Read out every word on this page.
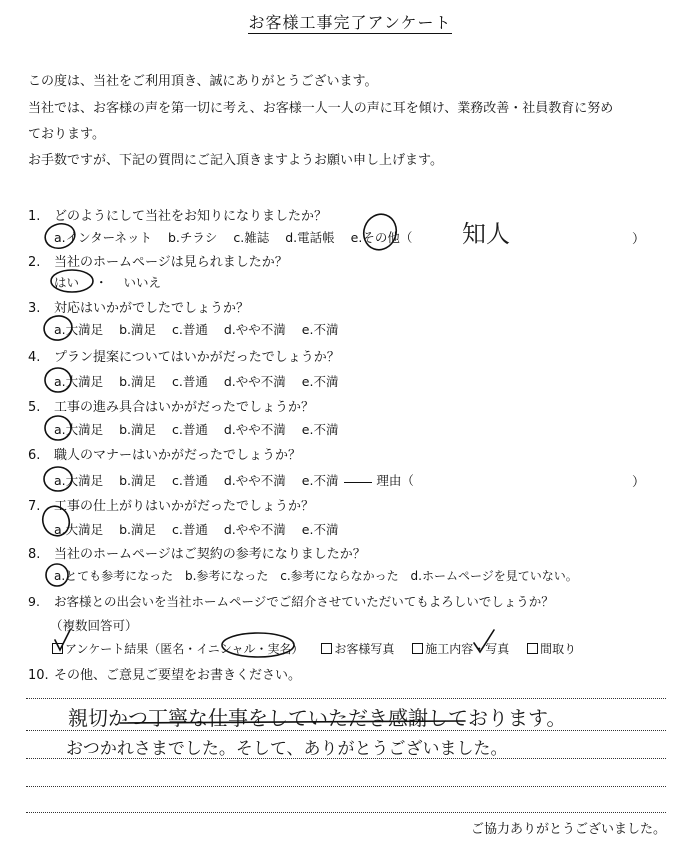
お客様工事完了アンケート
この度は、当社をご利用頂き、誠にありがとうございます。
当社では、お客様の声を第一切に考え、お客様一人一人の声に耳を傾け、業務改善・社員教育に努め
ております。
お手数ですが、下記の質問にご記入頂きますようお願い申し上げます。
1. どのようにして当社をお知りになりましたか？
a.インターネット b.チラシ c.雑誌 d.電話帳 e.その他（ 知人	）
2. 当社のホームページは見られましたか？
はい ・ いいえ
3. 対応はいかがでしたでしょうか？
a.大満足 b.満足 c.普通 d.やや不満 e.不満
4. プラン提案についてはいかがだったでしょうか？
a.大満足 b.満足 c.普通 d.やや不満 e.不満
5. 工事の進み具合はいかがだったでしょうか？
a.大満足 b.満足 c.普通 d.やや不満 e.不満
6. 職人のマナーはいかがだったでしょうか？
a.大満足 b.満足 c.普通 d.やや不満 e.不満	理由（	）
7. 工事の仕上がりはいかがだったでしょうか？
a.大満足 b.満足 c.普通 d.やや不満 e.不満
8. 当社のホームページはご契約の参考になりましたか？
a.とても参考になった b.参考になった c.参考にならなかった d.ホームページを見ていない。
9. お客様との出会いを当社ホームページでご紹介させていただいてもよろしいでしょうか？
（複数回答可）
アンケート結果（匿名・イニシャル・実名）	お客様写真	施工内容・写真	間取り
10. その他、ご意見ご要望をお書きください。
親切かつ丁寧な仕事をしていただき感謝しております。
おつかれさまでした。そして、ありがとうございました。
ご協力ありがとうございました。
